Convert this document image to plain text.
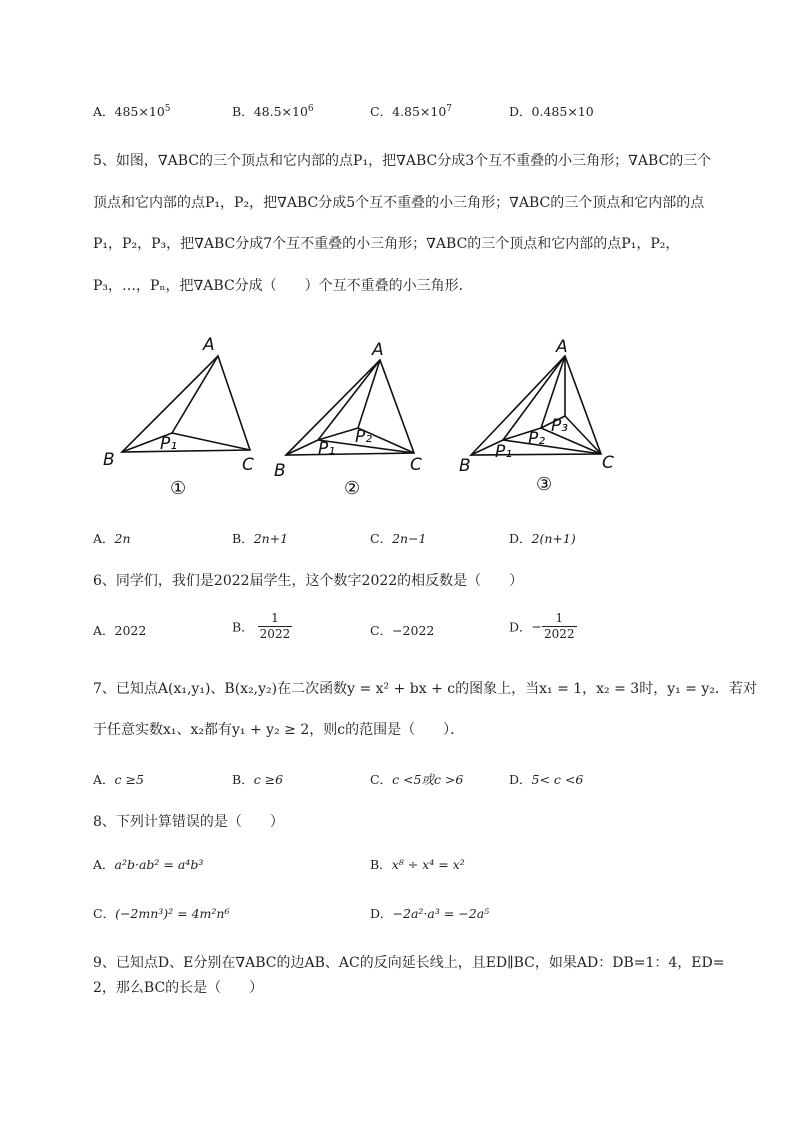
A．$485\times 10^5$	B．$48.5\times 10^6$	C．$4.85\times 10^7$	D．0.485×10
5、如图，∇ABC的三个顶点和它内部的点P₁，把∇ABC分成3个互不重叠的小三角形；∇ABC的三个
顶点和它内部的点P₁，P₂，把∇ABC分成5个互不重叠的小三角形；∇ABC的三个顶点和它内部的点
P₁，P₂，P₃，把∇ABC分成7个互不重叠的小三角形；∇ABC的三个顶点和它内部的点P₁，P₂，
P₃，…，Pₙ，把∇ABC分成（　　）个互不重叠的小三角形．
A
B	C
P₁
①
A
B	C
P₁
P₂
②
A
B	C
P₁
P₂
P₃
③
A．2n	B．2n+1	C．2n−1	D．2(n+1)
6、同学们，我们是2022届学生，这个数字2022的相反数是（　　）
A．2022	B． $\frac{1}{2022}$	C．−2022	D．− $\frac{1}{2022}$
7、已知点A(x₁,y₁)、B(x₂,y₂)在二次函数y = x² + bx + c的图象上，当x₁ = 1，x₂ = 3时，y₁ = y₂．若对
于任意实数x₁、x₂都有y₁ + y₂ ≥ 2，则c的范围是（　　）．
A．c ≥5	B．c ≥6	C．c <5或c >6	D．5< c <6
8、下列计算错误的是（　　）
A．a²b·ab² = a⁴b³	B．x⁸ ÷ x⁴ = x²
C．(−2mn³)² = 4m²n⁶	D．−2a²·a³ = −2a⁵
9、已知点D、E分别在∇ABC的边AB、AC的反向延长线上，且ED∥BC，如果AD：DB=1：4，ED=
2，那么BC的长是（　　）
